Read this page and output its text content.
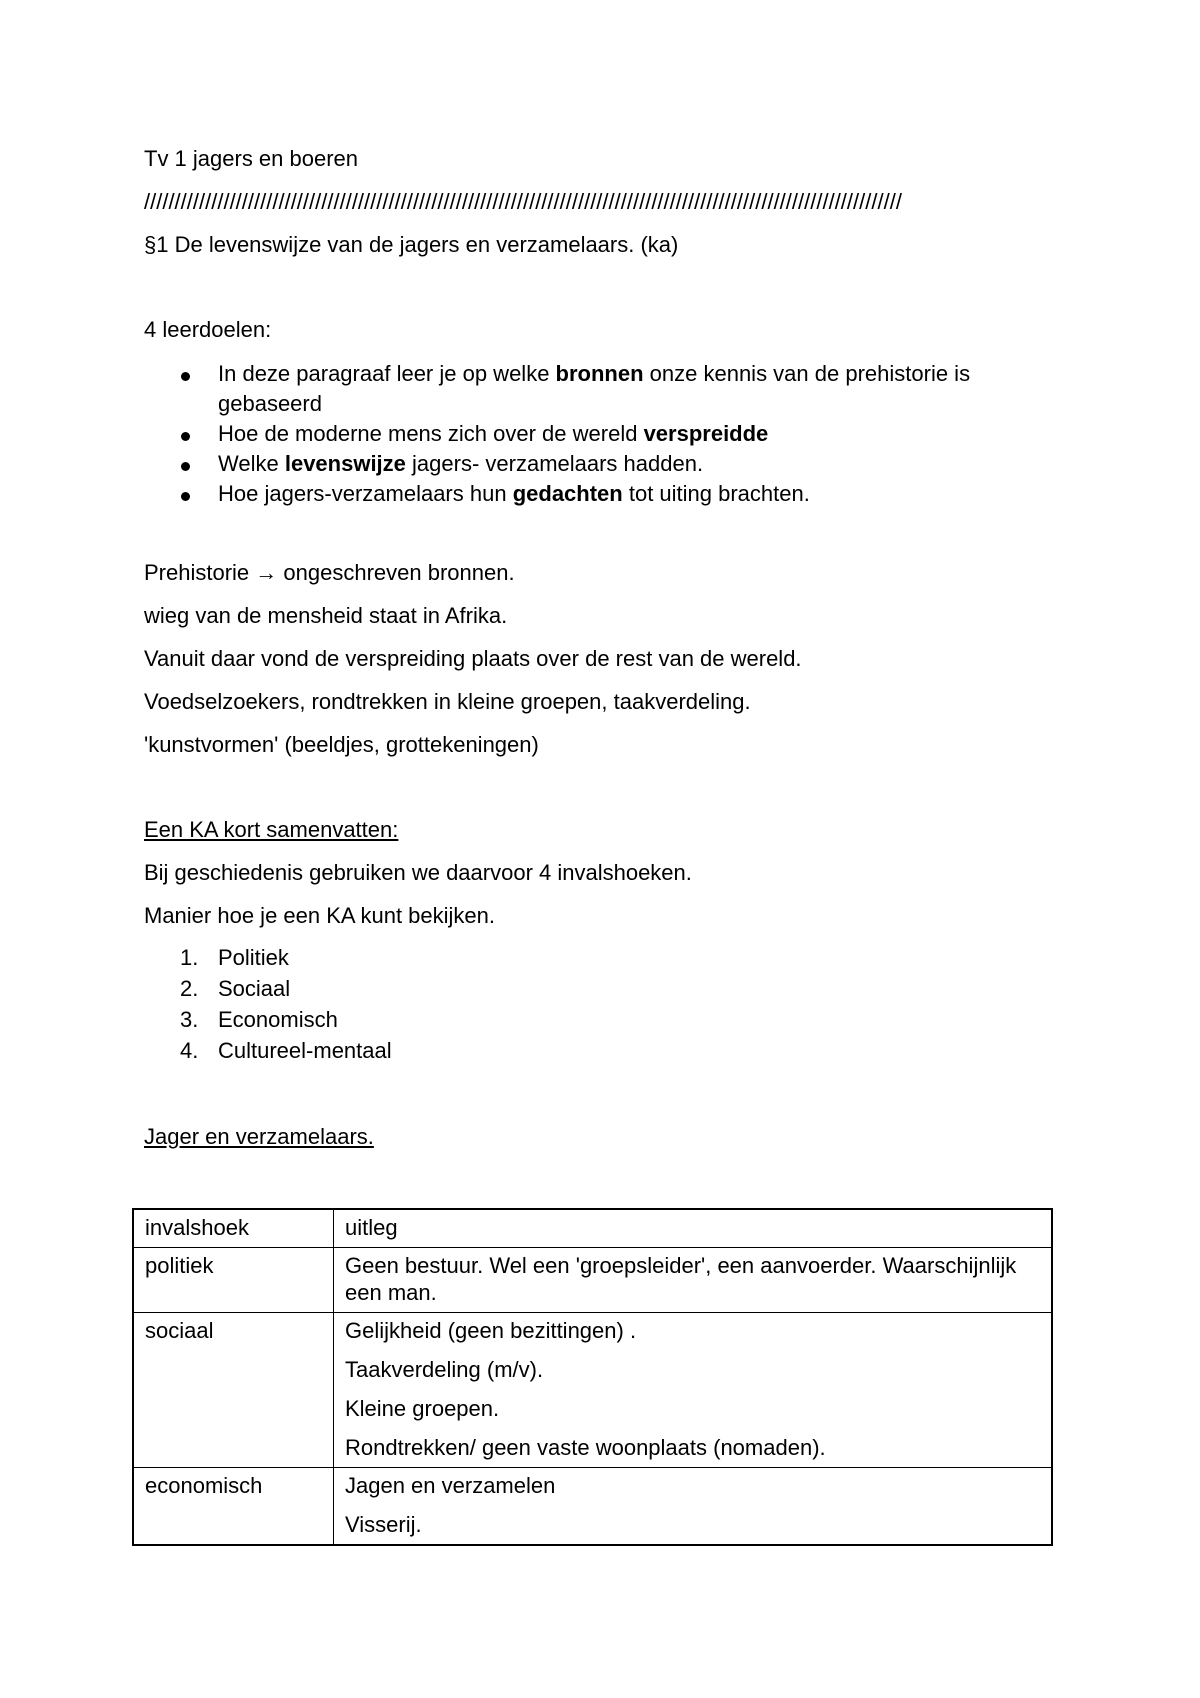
Tv 1 jagers en boeren
////////////////////////////////////////////////////////////////////////////////////////////////////////////////////////////
§1 De levenswijze van de jagers en verzamelaars. (ka)
4 leerdoelen:
In deze paragraaf leer je op welke bronnen onze kennis van de prehistorie is gebaseerd
Hoe de moderne mens zich over de wereld verspreidde
Welke levenswijze jagers- verzamelaars hadden.
Hoe jagers-verzamelaars hun gedachten tot uiting brachten.
Prehistorie → ongeschreven bronnen.
wieg van de mensheid staat in Afrika.
Vanuit daar vond de verspreiding plaats over de rest van de wereld.
Voedselzoekers, rondtrekken in kleine groepen, taakverdeling.
'kunstvormen' (beeldjes, grottekeningen)
Een KA kort samenvatten:
Bij geschiedenis gebruiken we daarvoor 4 invalshoeken.
Manier hoe je een KA kunt bekijken.
1. Politiek
2. Sociaal
3. Economisch
4. Cultureel-mentaal
Jager en verzamelaars.
invalshoek	uitleg
politiek	Geen bestuur. Wel een 'groepsleider', een aanvoerder. Waarschijnlijk een man.

sociaal	Gelijkheid (geen bezittingen) .

Taakverdeling (m/v).

Kleine groepen.

Rondtrekken/ geen vaste woonplaats (nomaden).

economisch	Jagen en verzamelen

Visserij.
